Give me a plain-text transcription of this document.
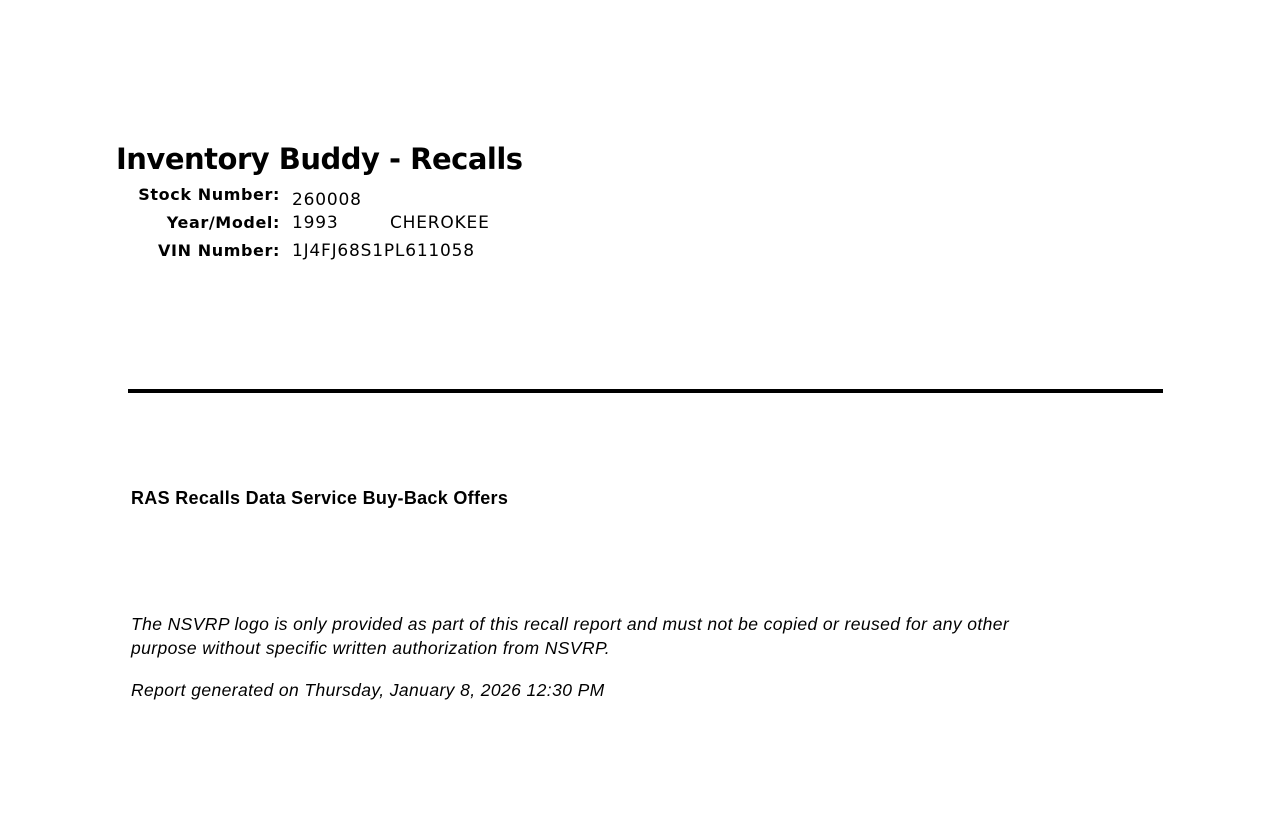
Inventory Buddy - Recalls
Stock Number: 260008
Year/Model: 1993	CHEROKEE
VIN Number: 1J4FJ68S1PL611058
RAS Recalls Data Service Buy-Back Offers
The NSVRP logo is only provided as part of this recall report and must not be copied or reused for any other
purpose without specific written authorization from NSVRP.
Report generated on Thursday, January 8, 2026 12:30 PM
